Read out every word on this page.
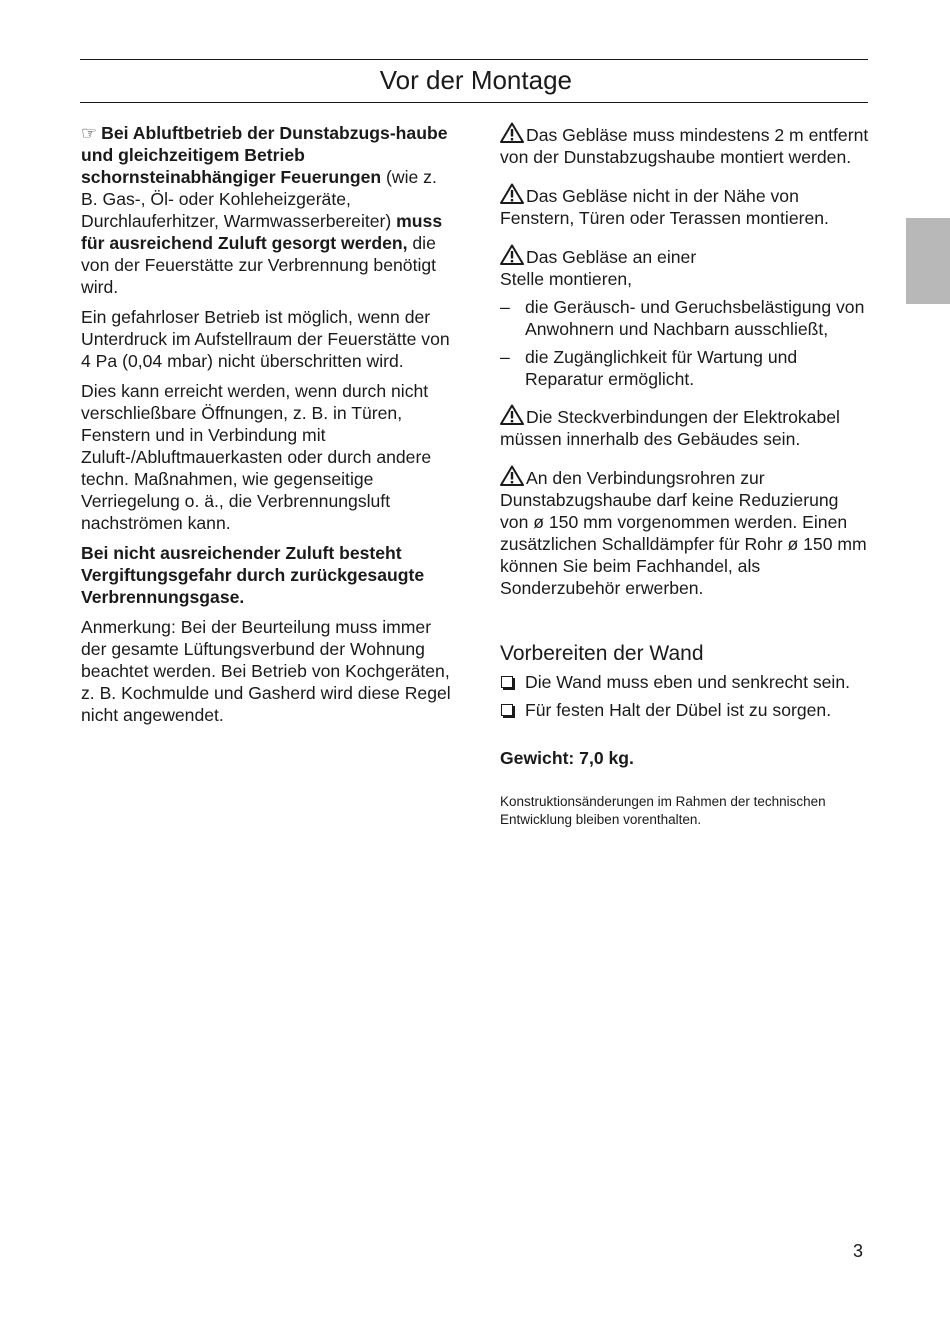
Vor der Montage

☞ Bei Abluftbetrieb der Dunstabzugs-haube und gleichzeitigem Betrieb schornsteinabhängiger Feuerungen (wie z. B. Gas-, Öl- oder Kohleheizgeräte, Durchlauferhitzer, Warmwasserbereiter) muss für ausreichend Zuluft gesorgt werden, die von der Feuerstätte zur Verbrennung benötigt wird.

Ein gefahrloser Betrieb ist möglich, wenn der Unterdruck im Aufstellraum der Feuerstätte von 4 Pa (0,04 mbar) nicht überschritten wird.

Dies kann erreicht werden, wenn durch nicht verschließbare Öffnungen, z. B. in Türen, Fenstern und in Verbindung mit Zuluft-/Abluftmauerkasten oder durch andere techn. Maßnahmen, wie gegenseitige Verriegelung o. ä., die Verbrennungsluft nachströmen kann.

Bei nicht ausreichender Zuluft besteht Vergiftungsgefahr durch zurückgesaugte Verbrennungsgase.

Anmerkung: Bei der Beurteilung muss immer der gesamte Lüftungsverbund der Wohnung beachtet werden. Bei Betrieb von Kochgeräten, z. B. Kochmulde und Gasherd wird diese Regel nicht angewendet.

Das Gebläse muss mindestens 2 m entfernt von der Dunstabzugshaube montiert werden.

Das Gebläse nicht in der Nähe von Fenstern, Türen oder Terassen montieren.

Das Gebläse an einer Stelle montieren,

– die Geräusch- und Geruchsbelästigung von Anwohnern und Nachbarn ausschließt,
– die Zugänglichkeit für Wartung und Reparatur ermöglicht.

Die Steckverbindungen der Elektrokabel müssen innerhalb des Gebäudes sein.

An den Verbindungsrohren zur Dunstabzugshaube darf keine Reduzierung von ø 150 mm vorgenommen werden. Einen zusätzlichen Schalldämpfer für Rohr ø 150 mm können Sie beim Fachhandel, als Sonderzubehör erwerben.

Vorbereiten der Wand
Die Wand muss eben und senkrecht sein.
Für festen Halt der Dübel ist zu sorgen.
Gewicht: 7,0 kg.
Konstruktionsänderungen im Rahmen der technischen Entwicklung bleiben vorenthalten.
3
